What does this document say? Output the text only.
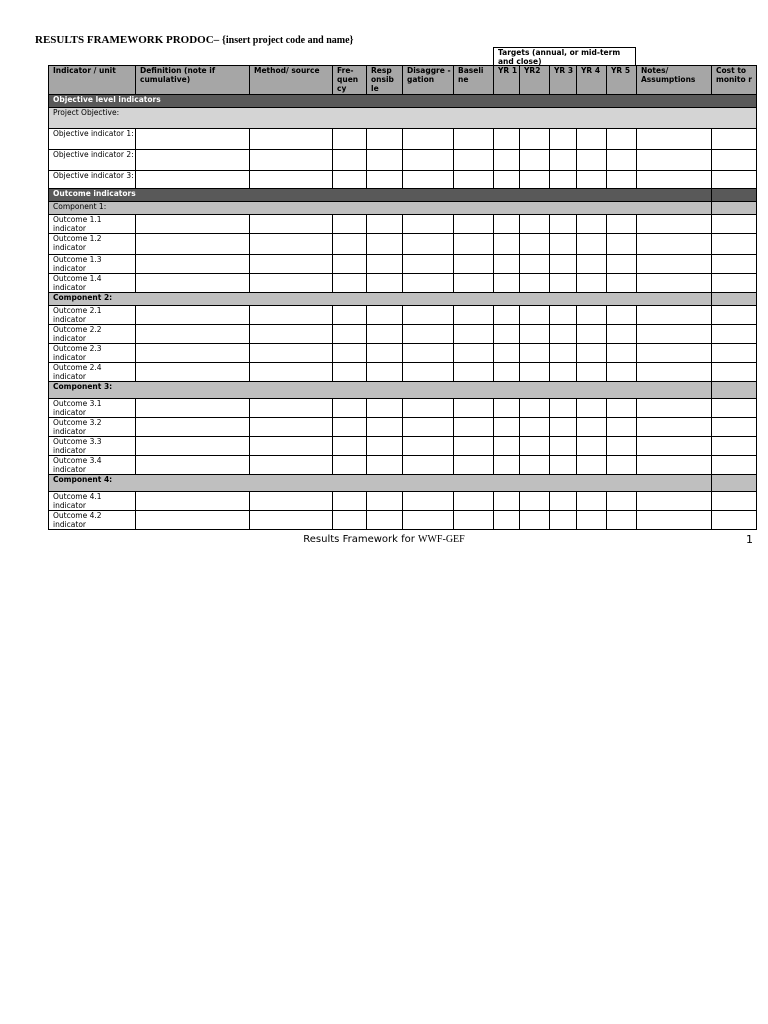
RESULTS FRAMEWORK PRODOC– {insert project code and name}
Targets (annual, or mid-term and close)
Indicator / unit	Definition (note if cumulative)	Method/ source	Fre-quen cy	Resp onsib le	Disaggre -gation	Baseli ne	YR 1	YR2	YR 3	YR 4	YR 5	Notes/ Assumptions	Cost to monito r
Objective level indicators													
Project Objective:													
Objective indicator 1:													
Objective indicator 2:													
Objective indicator 3:													
Outcome indicators													
Component 1:													
Outcome 1.1 indicator													
Outcome 1.2 indicator													
Outcome 1.3 indicator													
Outcome 1.4 indicator													
Component 2:													
Outcome 2.1 indicator													
Outcome 2.2 indicator													
Outcome 2.3 indicator													
Outcome 2.4 indicator													
Component 3:													
Outcome 3.1 indicator													
Outcome 3.2 indicator													
Outcome 3.3 indicator													
Outcome 3.4 indicator													
Component 4:													
Outcome 4.1 indicator													
Outcome 4.2 indicator													
Results Framework for WWF-GEF	1
